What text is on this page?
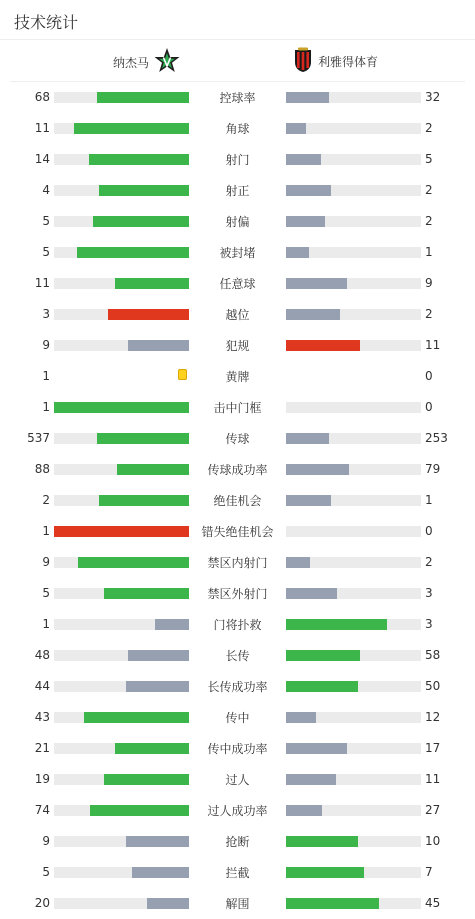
技术统计
纳杰马	利雅得体育
68	控球率	32
11	角球	2
14	射门	5
4	射正	2
5	射偏	2
5	被封堵	1
11	任意球	9
3	越位	2
9	犯规	11
1	黄牌	0
1	击中门框	0
537	传球	253
88	传球成功率	79
2	绝佳机会	1
1	错失绝佳机会	0
9	禁区内射门	2
5	禁区外射门	3
1	门将扑救	3
48	长传	58
44	长传成功率	50
43	传中	12
21	传中成功率	17
19	过人	11
74	过人成功率	27
9	抢断	10
5	拦截	7
20	解围	45
